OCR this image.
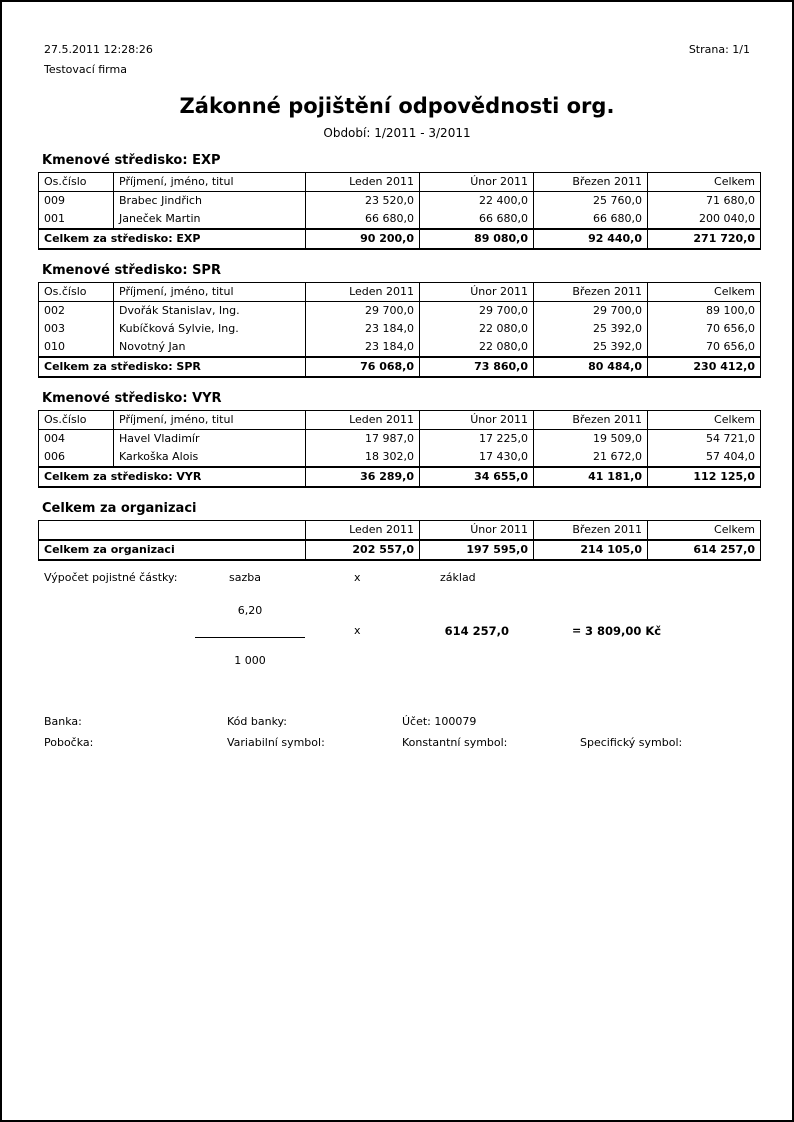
27.5.2011 12:28:26
Testovací firma
Strana: 1/1
Zákonné pojištění odpovědnosti org.
Období: 1/2011 - 3/2011
Kmenové středisko: EXP
Os.číslo	Příjmení, jméno, titul	Leden 2011	Únor 2011	Březen 2011	Celkem
009	Brabec Jindřich	23 520,0	22 400,0	25 760,0	71 680,0
001	Janeček Martin	66 680,0	66 680,0	66 680,0	200 040,0
Celkem za středisko: EXP		90 200,0	89 080,0	92 440,0	271 720,0
Kmenové středisko: SPR
Os.číslo	Příjmení, jméno, titul	Leden 2011	Únor 2011	Březen 2011	Celkem
002	Dvořák Stanislav, Ing.	29 700,0	29 700,0	29 700,0	89 100,0
003	Kubíčková Sylvie, Ing.	23 184,0	22 080,0	25 392,0	70 656,0
010	Novotný Jan	23 184,0	22 080,0	25 392,0	70 656,0
Celkem za středisko: SPR		76 068,0	73 860,0	80 484,0	230 412,0
Kmenové středisko: VYR
Os.číslo	Příjmení, jméno, titul	Leden 2011	Únor 2011	Březen 2011	Celkem
004	Havel Vladimír	17 987,0	17 225,0	19 509,0	54 721,0
006	Karkoška Alois	18 302,0	17 430,0	21 672,0	57 404,0
Celkem za středisko: VYR		36 289,0	34 655,0	41 181,0	112 125,0
Celkem za organizaci
	Leden 2011	Únor 2011	Březen 2011	Celkem
Celkem za organizaci	202 557,0	197 595,0	214 105,0	614 257,0
Výpočet pojistné částky:	sazba	x	základ
6,20
x	614 257,0	= 3 809,00 Kč
1 000
Banka:	Kód banky:	Účet: 100079
Pobočka:	Variabilní symbol:	Konstantní symbol:	Specifický symbol:
